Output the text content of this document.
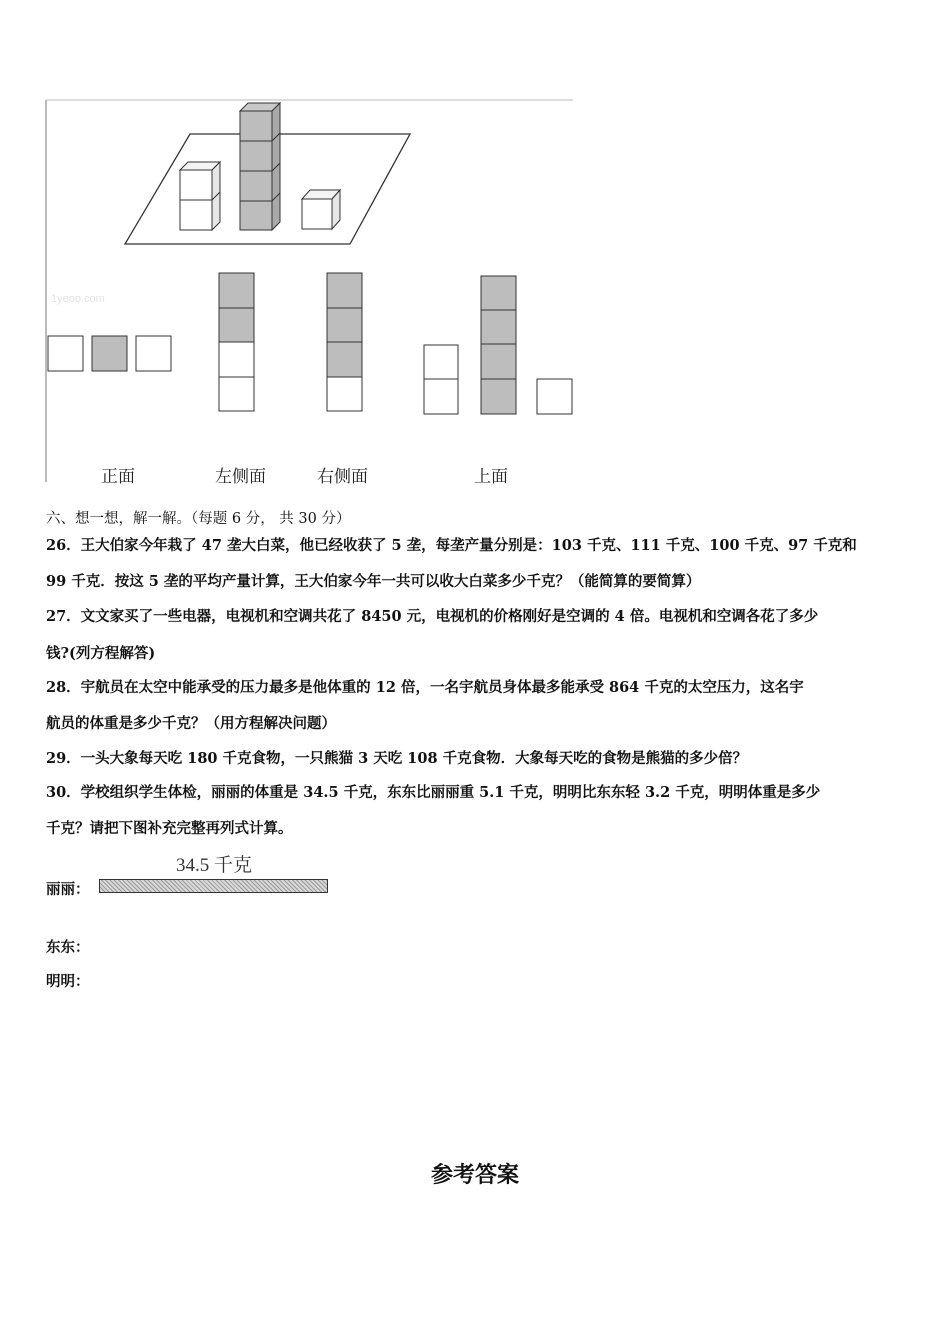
1yeoo.com
正面	左侧面	右侧面	上面
六、想一想，解一解。（每题 6 分， 共 30 分）
26．王大伯家今年栽了 47 垄大白菜，他已经收获了 5 垄，每垄产量分别是：103 千克、111 千克、100 千克、97 千克和
99 千克．按这 5 垄的平均产量计算，王大伯家今年一共可以收大白菜多少千克？（能简算的要简算）
27．文文家买了一些电器，电视机和空调共花了 8450 元，电视机的价格刚好是空调的 4 倍。电视机和空调各花了多少
钱?(列方程解答)
28．宇航员在太空中能承受的压力最多是他体重的 12 倍，一名宇航员身体最多能承受 864 千克的太空压力，这名宇
航员的体重是多少千克？（用方程解决问题）
29．一头大象每天吃 180 千克食物，一只熊猫 3 天吃 108 千克食物．大象每天吃的食物是熊猫的多少倍？
30．学校组织学生体检，丽丽的体重是 34.5 千克，东东比丽丽重 5.1 千克，明明比东东轻 3.2 千克，明明体重是多少
千克？请把下图补充完整再列式计算。
34.5 千克
丽丽：
东东：
明明：
参考答案
